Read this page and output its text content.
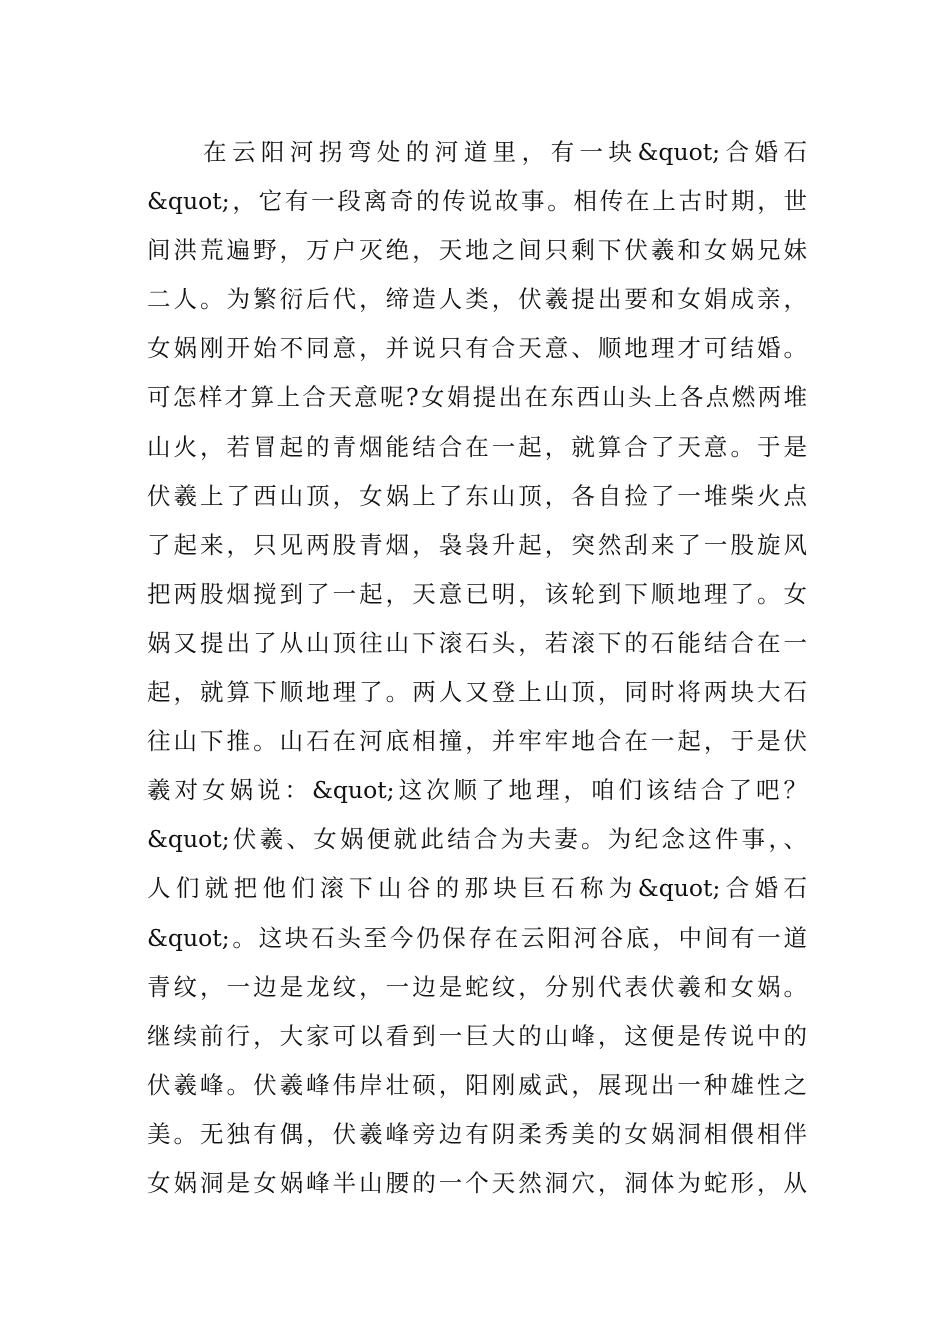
在云阳河拐弯处的河道里，有一块&quot;合婚石
&quot;，它有一段离奇的传说故事。相传在上古时期，世
间洪荒遍野，万户灭绝，天地之间只剩下伏羲和女娲兄妹
二人。为繁衍后代，缔造人类，伏羲提出要和女娟成亲，
女娲刚开始不同意，并说只有合天意、顺地理才可结婚。
可怎样才算上合天意呢?女娟提出在东西山头上各点燃两堆
山火，若冒起的青烟能结合在一起，就算合了天意。于是
伏羲上了西山顶，女娲上了东山顶，各自捡了一堆柴火点
了起来，只见两股青烟，袅袅升起，突然刮来了一股旋风
把两股烟搅到了一起，天意已明，该轮到下顺地理了。女
娲又提出了从山顶往山下滚石头，若滚下的石能结合在一
起，就算下顺地理了。两人又登上山顶，同时将两块大石
往山下推。山石在河底相撞，并牢牢地合在一起，于是伏
羲对女娲说：&quot;这次顺了地理，咱们该结合了吧？
&quot;伏羲、女娲便就此结合为夫妻。为纪念这件事，、
人们就把他们滚下山谷的那块巨石称为&quot;合婚石
&quot;。这块石头至今仍保存在云阳河谷底，中间有一道
青纹，一边是龙纹，一边是蛇纹，分别代表伏羲和女娲。
继续前行，大家可以看到一巨大的山峰，这便是传说中的
伏羲峰。伏羲峰伟岸壮硕，阳刚威武，展现出一种雄性之
美。无独有偶，伏羲峰旁边有阴柔秀美的女娲洞相偎相伴
女娲洞是女娲峰半山腰的一个天然洞穴，洞体为蛇形，从
